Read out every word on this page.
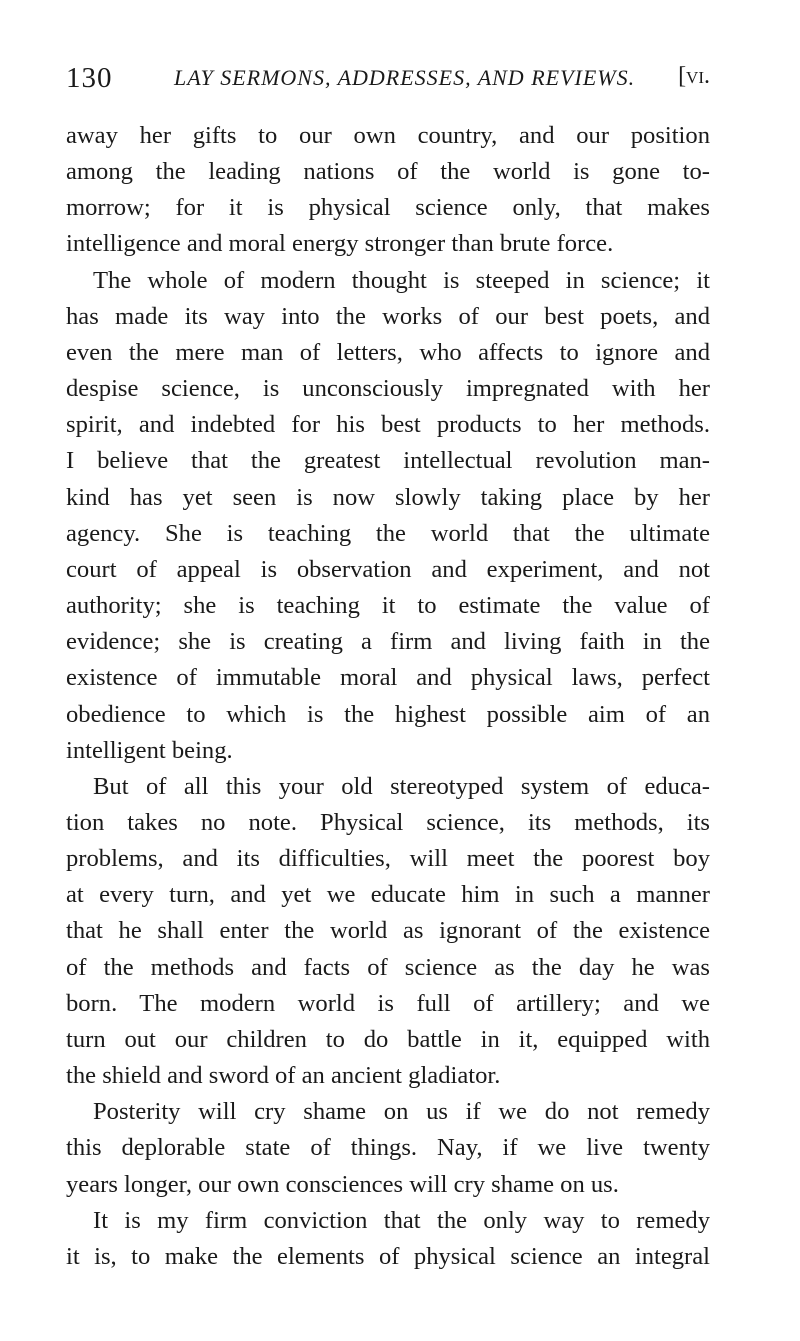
130	LAY SERMONS, ADDRESSES, AND REVIEWS. [vi.
away her gifts to our own country, and our position
among the leading nations of the world is gone to-
morrow; for it is physical science only, that makes
intelligence and moral energy stronger than brute force.
The whole of modern thought is steeped in science; it
has made its way into the works of our best poets, and
even the mere man of letters, who affects to ignore and
despise science, is unconsciously impregnated with her
spirit, and indebted for his best products to her methods.
I believe that the greatest intellectual revolution man-
kind has yet seen is now slowly taking place by her
agency. She is teaching the world that the ultimate
court of appeal is observation and experiment, and not
authority; she is teaching it to estimate the value of
evidence; she is creating a firm and living faith in the
existence of immutable moral and physical laws, perfect
obedience to which is the highest possible aim of an
intelligent being.
But of all this your old stereotyped system of educa-
tion takes no note. Physical science, its methods, its
problems, and its difficulties, will meet the poorest boy
at every turn, and yet we educate him in such a manner
that he shall enter the world as ignorant of the existence
of the methods and facts of science as the day he was
born. The modern world is full of artillery; and we
turn out our children to do battle in it, equipped with
the shield and sword of an ancient gladiator.
Posterity will cry shame on us if we do not remedy
this deplorable state of things. Nay, if we live twenty
years longer, our own consciences will cry shame on us.
It is my firm conviction that the only way to remedy
it is, to make the elements of physical science an integral
